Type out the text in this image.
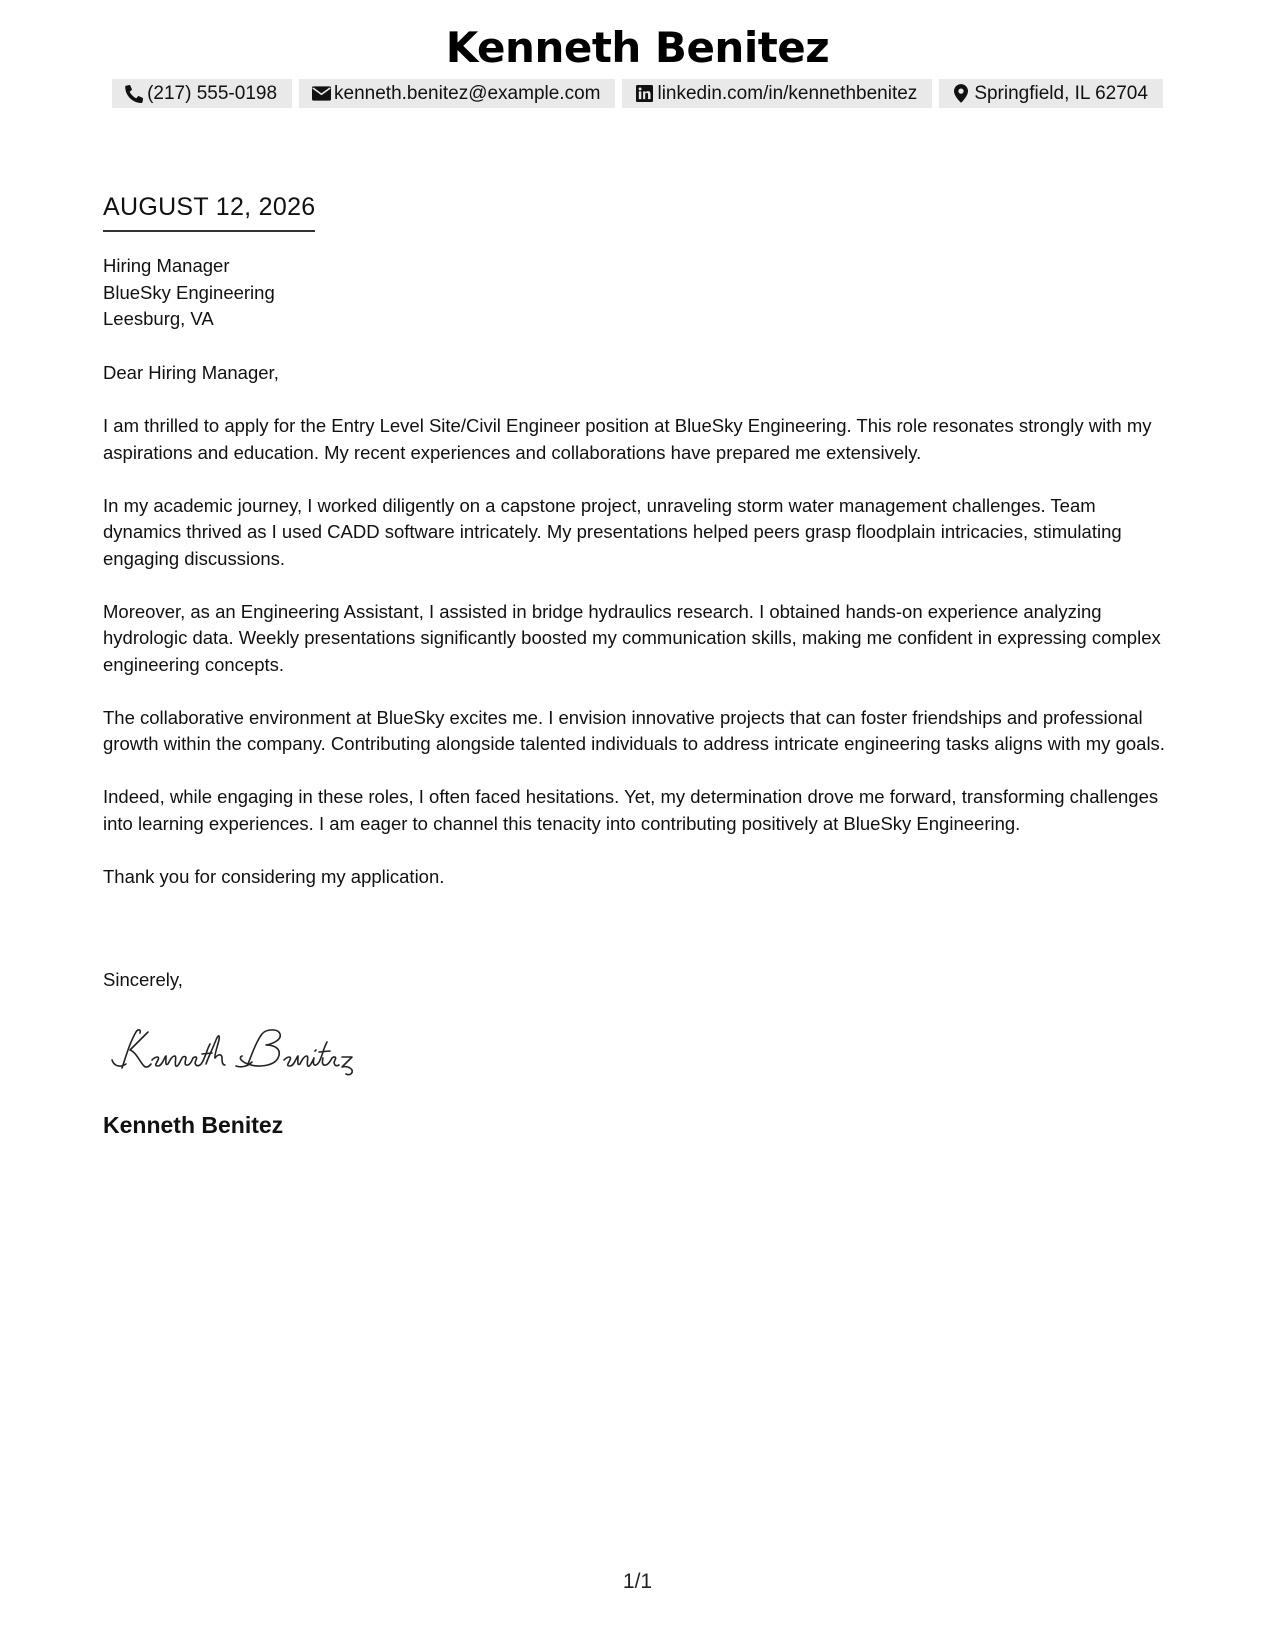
Kenneth Benitez
(217) 555-0198	kenneth.benitez@example.com	linkedin.com/in/kennethbenitez	Springfield, IL 62704
AUGUST 12, 2026
Hiring Manager
BlueSky Engineering
Leesburg, VA

Dear Hiring Manager,

I am thrilled to apply for the Entry Level Site/Civil Engineer position at BlueSky Engineering. This role resonates strongly with my aspirations and education. My recent experiences and collaborations have prepared me extensively.

In my academic journey, I worked diligently on a capstone project, unraveling storm water management challenges. Team dynamics thrived as I used CADD software intricately. My presentations helped peers grasp floodplain intricacies, stimulating engaging discussions.

Moreover, as an Engineering Assistant, I assisted in bridge hydraulics research. I obtained hands-on experience analyzing hydrologic data. Weekly presentations significantly boosted my communication skills, making me confident in expressing complex engineering concepts.

The collaborative environment at BlueSky excites me. I envision innovative projects that can foster friendships and professional growth within the company. Contributing alongside talented individuals to address intricate engineering tasks aligns with my goals.

Indeed, while engaging in these roles, I often faced hesitations. Yet, my determination drove me forward, transforming challenges into learning experiences. I am eager to channel this tenacity into contributing positively at BlueSky Engineering.

Thank you for considering my application.

Sincerely,
Kenneth Benitez
1/1
